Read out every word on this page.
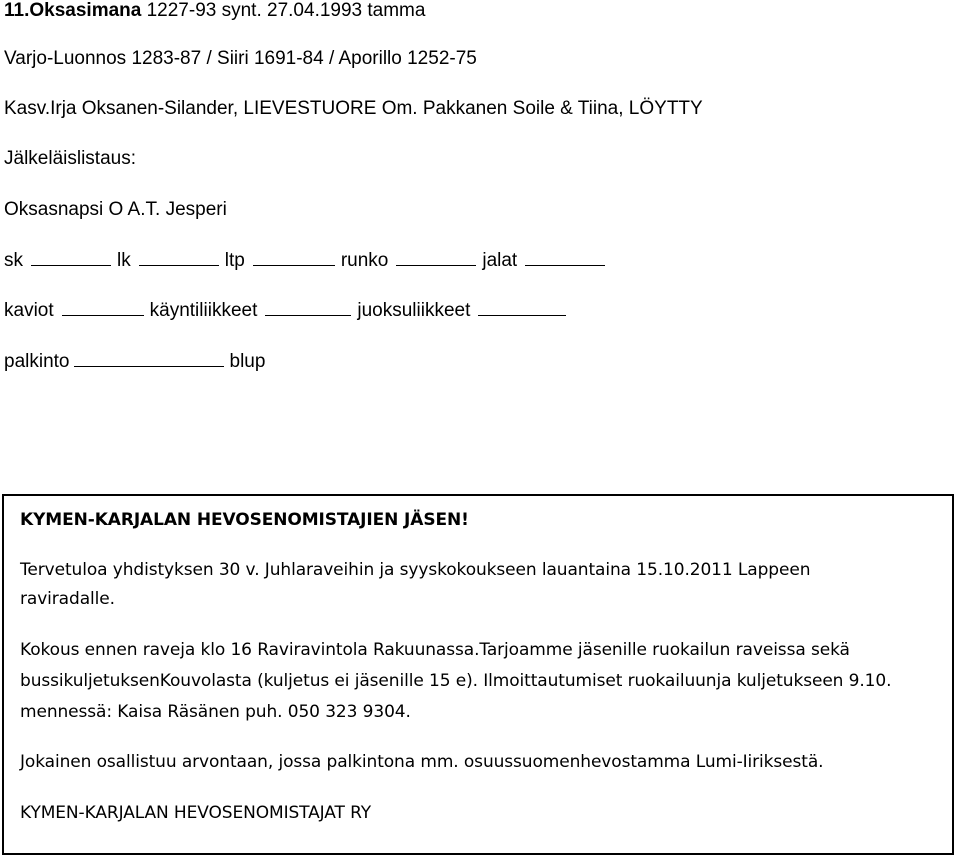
11.Oksasimana 1227-93 synt. 27.04.1993 tamma
Varjo-Luonnos 1283-87 / Siiri 1691-84 / Aporillo 1252-75
Kasv.Irja Oksanen-Silander, LIEVESTUORE Om. Pakkanen Soile & Tiina, LÖYTTY
Jälkeläislistaus:
Oksasnapsi O A.T. Jesperi
sk	lk	ltp	runko	jalat
kaviot	käyntiliikkeet	juoksuliikkeet
palkinto	blup
KYMEN-KARJALAN HEVOSENOMISTAJIEN JÄSEN!
Tervetuloa yhdistyksen 30 v. Juhlaraveihin ja syyskokoukseen lauantaina 15.10.2011 Lappeen
raviradalle.
Kokous ennen raveja klo 16 Raviravintola Rakuunassa.Tarjoamme jäsenille ruokailun raveissa sekä
bussikuljetuksenKouvolasta (kuljetus ei jäsenille 15 e). Ilmoittautumiset ruokailuunja kuljetukseen 9.10.
mennessä: Kaisa Räsänen puh. 050 323 9304.
Jokainen osallistuu arvontaan, jossa palkintona mm. osuussuomenhevostamma Lumi-Iiriksestä.
KYMEN-KARJALAN HEVOSENOMISTAJAT RY
